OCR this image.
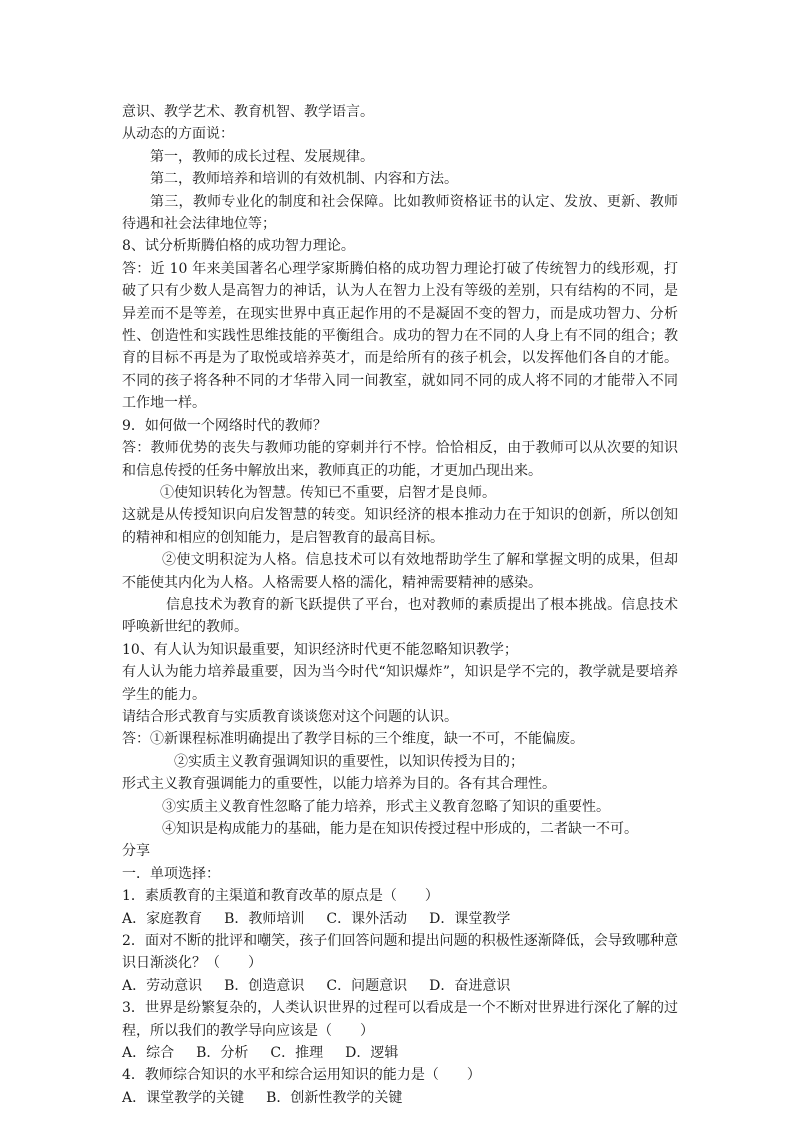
意识、教学艺术、教育机智、教学语言。

从动态的方面说：

第一，教师的成长过程、发展规律。

第二，教师培养和培训的有效机制、内容和方法。

第三，教师专业化的制度和社会保障。比如教师资格证书的认定、发放、更新、教师待遇和社会法律地位等；

8、试分析斯腾伯格的成功智力理论。

答：近 10 年来美国著名心理学家斯腾伯格的成功智力理论打破了传统智力的线形观，打破了只有少数人是高智力的神话，认为人在智力上没有等级的差别，只有结构的不同，是异差而不是等差，在现实世界中真正起作用的不是凝固不变的智力，而是成功智力、分析性、创造性和实践性思维技能的平衡组合。成功的智力在不同的人身上有不同的组合；教育的目标不再是为了取悦或培养英才，而是给所有的孩子机会，以发挥他们各自的才能。不同的孩子将各种不同的才华带入同一间教室，就如同不同的成人将不同的才能带入不同工作地一样。

9．如何做一个网络时代的教师？

答：教师优势的丧失与教师功能的穿刺并行不悖。恰恰相反，由于教师可以从次要的知识和信息传授的任务中解放出来，教师真正的功能，才更加凸现出来。

①使知识转化为智慧。传知已不重要，启智才是良师。

这就是从传授知识向启发智慧的转变。知识经济的根本推动力在于知识的创新，所以创知的精神和相应的创知能力，是启智教育的最高目标。

②使文明积淀为人格。信息技术可以有效地帮助学生了解和掌握文明的成果，但却不能使其内化为人格。人格需要人格的濡化，精神需要精神的感染。

信息技术为教育的新飞跃提供了平台，也对教师的素质提出了根本挑战。信息技术呼唤新世纪的教师。

10、有人认为知识最重要，知识经济时代更不能忽略知识教学；

有人认为能力培养最重要，因为当今时代“知识爆炸”，知识是学不完的，教学就是要培养学生的能力。

请结合形式教育与实质教育谈谈您对这个问题的认识。

答：①新课程标准明确提出了教学目标的三个维度，缺一不可，不能偏废。

②实质主义教育强调知识的重要性，以知识传授为目的；

形式主义教育强调能力的重要性，以能力培养为目的。各有其合理性。

③实质主义教育性忽略了能力培养，形式主义教育忽略了知识的重要性。

④知识是构成能力的基础，能力是在知识传授过程中形成的，二者缺一不可。

分享

一．单项选择：

1．素质教育的主渠道和教育改革的原点是（　　）

A．家庭教育 B．教师培训 C．课外活动 D．课堂教学

2．面对不断的批评和嘲笑，孩子们回答问题和提出问题的积极性逐渐降低，会导致哪种意识日渐淡化？（　　）

A．劳动意识 B．创造意识 C．问题意识 D．奋进意识

3．世界是纷繁复杂的，人类认识世界的过程可以看成是一个不断对世界进行深化了解的过程，所以我们的教学导向应该是（　　）

A．综合 B．分析 C．推理 D．逻辑

4．教师综合知识的水平和综合运用知识的能力是（　　）

A．课堂教学的关键 B．创新性教学的关键
